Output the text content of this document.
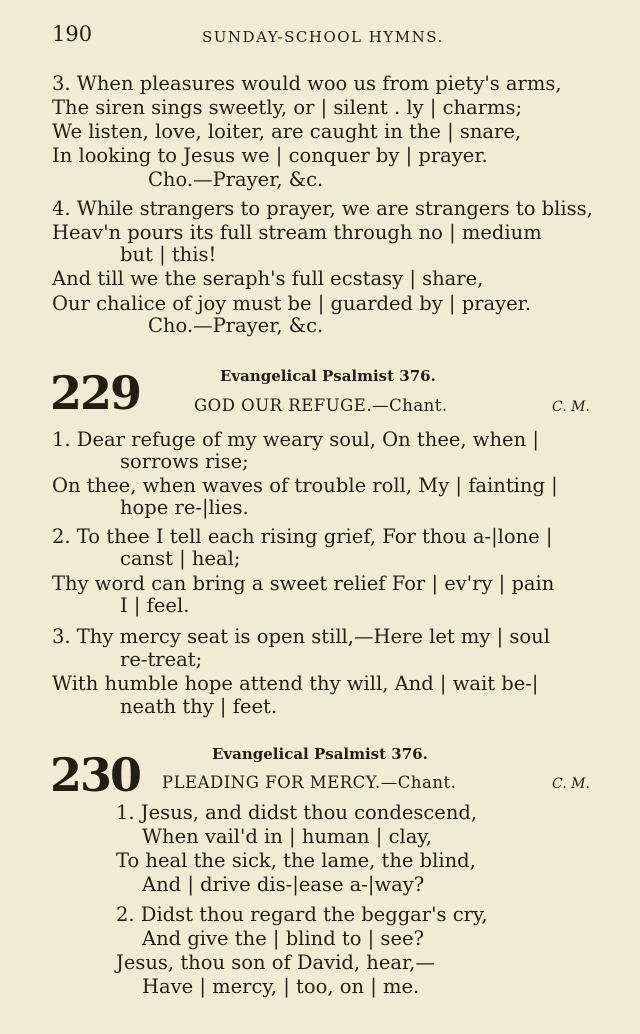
190	SUNDAY-SCHOOL HYMNS.
3. When pleasures would woo us from piety's arms,
The siren sings sweetly, or | silent . ly | charms;
We listen, love, loiter, are caught in the | snare,
In looking to Jesus we | conquer by | prayer.
Cho.—Prayer, &c.
4. While strangers to prayer, we are strangers to bliss,
Heav'n pours its full stream through no | medium
but | this!
And till we the seraph's full ecstasy | share,
Our chalice of joy must be | guarded by | prayer.
Cho.—Prayer, &c.
229	Evangelical Psalmist 376.
GOD OUR REFUGE.—Chant.	C. M.
1. Dear refuge of my weary soul, On thee, when |
sorrows rise;
On thee, when waves of trouble roll, My | fainting |
hope re-|lies.
2. To thee I tell each rising grief, For thou a-|lone |
canst | heal;
Thy word can bring a sweet relief For | ev'ry | pain
I | feel.
3. Thy mercy seat is open still,—Here let my | soul
re-treat;
With humble hope attend thy will, And | wait be-|
neath thy | feet.
230	Evangelical Psalmist 376.
PLEADING FOR MERCY.—Chant.	C. M.
1. Jesus, and didst thou condescend,
When vail'd in | human | clay,
To heal the sick, the lame, the blind,
And | drive dis-|ease a-|way?
2. Didst thou regard the beggar's cry,
And give the | blind to | see?
Jesus, thou son of David, hear,—
Have | mercy, | too, on | me.
